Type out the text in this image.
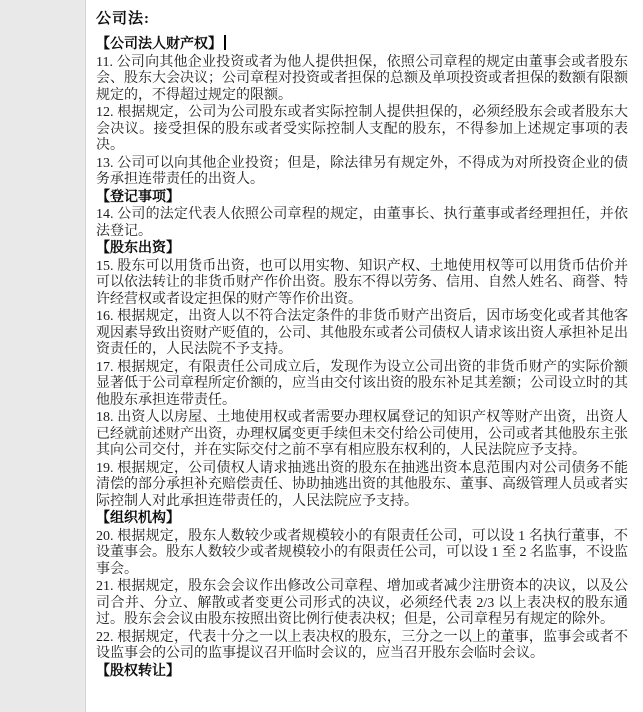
公司法:
【公司法人财产权】

11. 公司向其他企业投资或者为他人提供担保，依照公司章程的规定由董事会或者股东会、股东大会决议；公司章程对投资或者担保的总额及单项投资或者担保的数额有限额规定的，不得超过规定的限额。

12. 根据规定，公司为公司股东或者实际控制人提供担保的，必须经股东会或者股东大会决议。接受担保的股东或者受实际控制人支配的股东，不得参加上述规定事项的表决。

13. 公司可以向其他企业投资；但是，除法律另有规定外，不得成为对所投资企业的债务承担连带责任的出资人。

【登记事项】

14. 公司的法定代表人依照公司章程的规定，由董事长、执行董事或者经理担任，并依法登记。

【股东出资】

15. 股东可以用货币出资，也可以用实物、知识产权、土地使用权等可以用货币估价并可以依法转让的非货币财产作价出资。股东不得以劳务、信用、自然人姓名、商誉、特许经营权或者设定担保的财产等作价出资。

16. 根据规定，出资人以不符合法定条件的非货币财产出资后，因市场变化或者其他客观因素导致出资财产贬值的，公司、其他股东或者公司债权人请求该出资人承担补足出资责任的，人民法院不予支持。

17. 根据规定，有限责任公司成立后，发现作为设立公司出资的非货币财产的实际价额显著低于公司章程所定价额的，应当由交付该出资的股东补足其差额；公司设立时的其他股东承担连带责任。

18. 出资人以房屋、土地使用权或者需要办理权属登记的知识产权等财产出资，出资人已经就前述财产出资，办理权属变更手续但未交付给公司使用，公司或者其他股东主张其向公司交付，并在实际交付之前不享有相应股东权利的，人民法院应予支持。

19. 根据规定，公司债权人请求抽逃出资的股东在抽逃出资本息范围内对公司债务不能清偿的部分承担补充赔偿责任、协助抽逃出资的其他股东、董事、高级管理人员或者实际控制人对此承担连带责任的，人民法院应予支持。

【组织机构】

20. 根据规定，股东人数较少或者规模较小的有限责任公司，可以设 1 名执行董事，不设董事会。股东人数较少或者规模较小的有限责任公司，可以设 1 至 2 名监事，不设监事会。

21. 根据规定，股东会会议作出修改公司章程、增加或者减少注册资本的决议，以及公司合并、分立、解散或者变更公司形式的决议，必须经代表 2/3 以上表决权的股东通过。股东会会议由股东按照出资比例行使表决权；但是，公司章程另有规定的除外。

22. 根据规定，代表十分之一以上表决权的股东，三分之一以上的董事，监事会或者不设监事会的公司的监事提议召开临时会议的，应当召开股东会临时会议。

【股权转让】
